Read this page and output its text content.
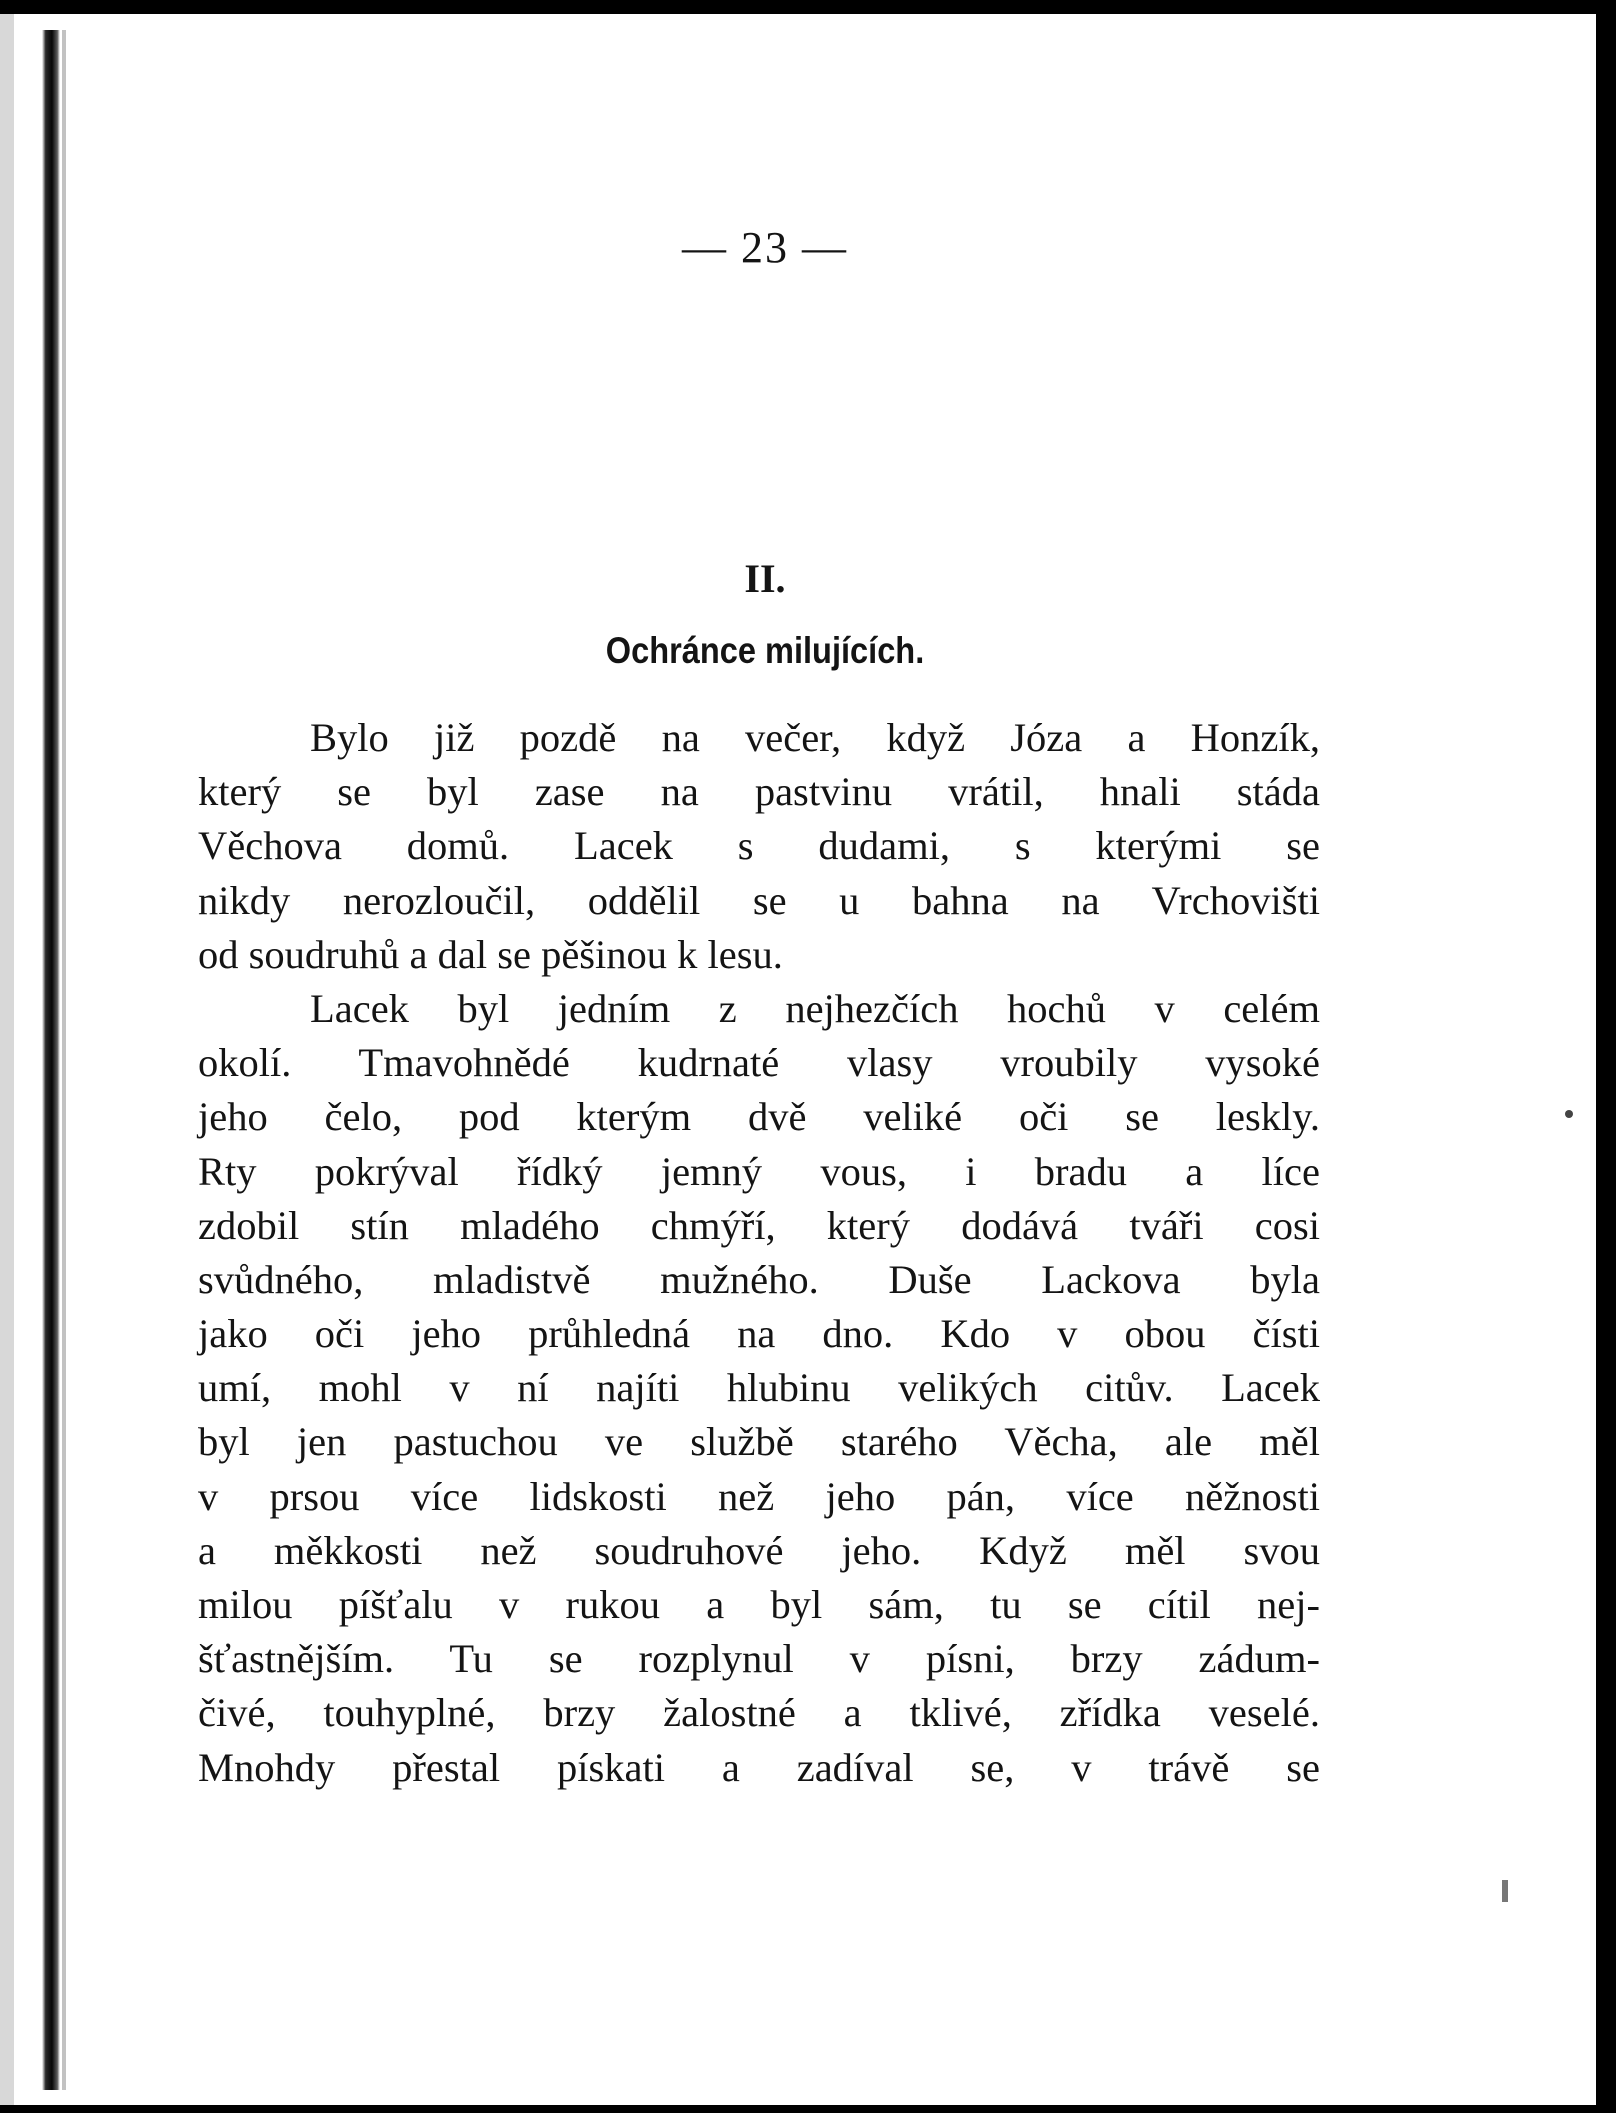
— 23 —
II.
Ochránce milujících.
Bylo již pozdě na večer, když Józa a Honzík,
který se byl zase na pastvinu vrátil, hnali stáda
Věchova domů. Lacek s dudami, s kterými se
nikdy nerozloučil, oddělil se u bahna na Vrchovišti
od soudruhů a dal se pěšinou k lesu.
Lacek byl jedním z nejhezčích hochů v celém
okolí. Tmavohnědé kudrnaté vlasy vroubily vysoké
jeho čelo, pod kterým dvě veliké oči se leskly.
Rty pokrýval řídký jemný vous, i bradu a líce
zdobil stín mladého chmýří, který dodává tváři cosi
svůdného, mladistvě mužného. Duše Lackova byla
jako oči jeho průhledná na dno. Kdo v obou čísti
umí, mohl v ní najíti hlubinu velikých citův. Lacek
byl jen pastuchou ve službě starého Věcha, ale měl
v prsou více lidskosti než jeho pán, více něžnosti
a měkkosti než soudruhové jeho. Když měl svou
milou píšťalu v rukou a byl sám, tu se cítil nej-
šťastnějším. Tu se rozplynul v písni, brzy zádum-
čivé, touhyplné, brzy žalostné a tklivé, zřídka veselé.
Mnohdy přestal pískati a zadíval se, v trávě se
